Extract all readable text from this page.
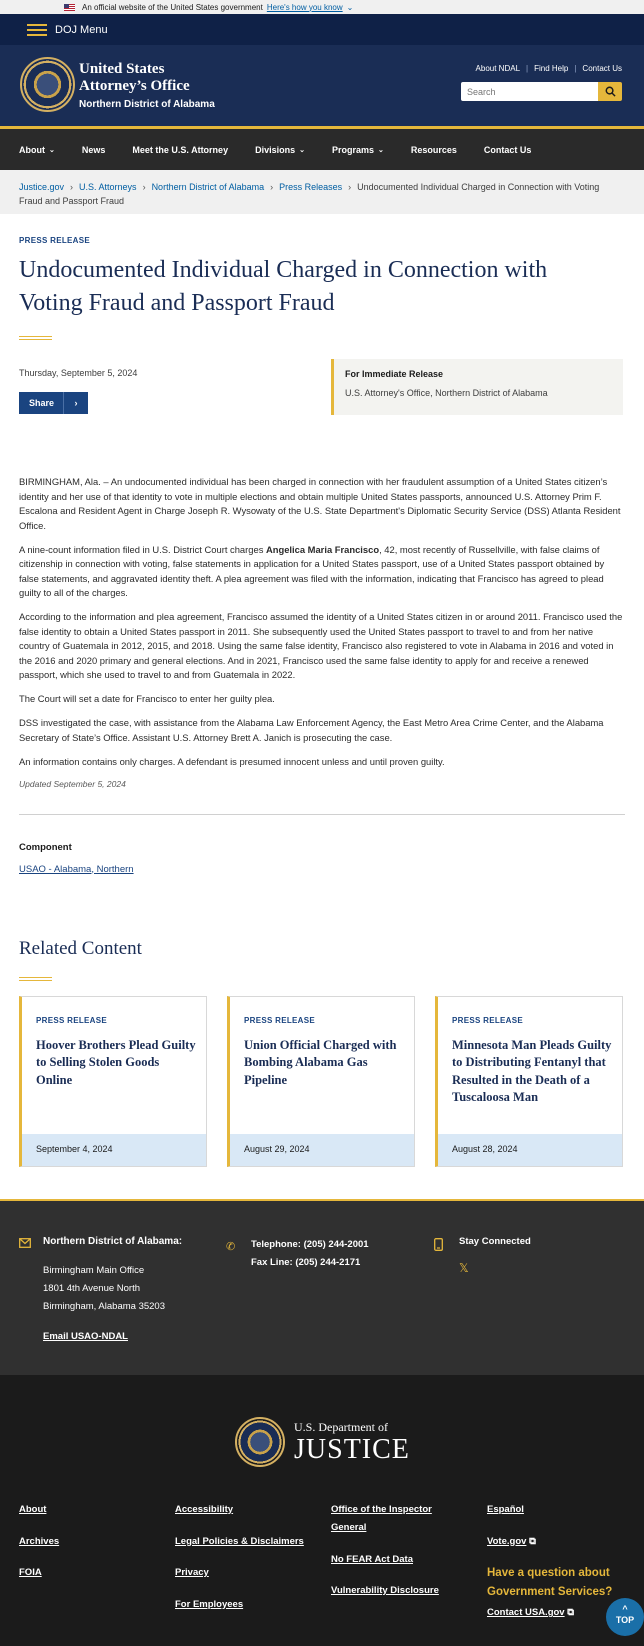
An official website of the United States government Here's how you know ⌄
DOJ Menu
United States
Attorney’s Office
Northern District of Alabama
About NDAL | Find Help | Contact Us
Search
About ⌄	News	Meet the U.S. Attorney	Divisions ⌄	Programs ⌄	Resources	Contact Us
Justice.gov › U.S. Attorneys › Northern District of Alabama › Press Releases › Undocumented Individual Charged in Connection with Voting Fraud and Passport Fraud
PRESS RELEASE
Undocumented Individual Charged in Connection with Voting Fraud and Passport Fraud
Thursday, September 5, 2024
Share	›
For Immediate Release
U.S. Attorney's Office, Northern District of Alabama

BIRMINGHAM, Ala. – An undocumented individual has been charged in connection with her fraudulent assumption of a United States citizen’s identity and her use of that identity to vote in multiple elections and obtain multiple United States passports, announced U.S. Attorney Prim F. Escalona and Resident Agent in Charge Joseph R. Wysowaty of the U.S. State Department's Diplomatic Security Service (DSS) Atlanta Resident Office.

A nine-count information filed in U.S. District Court charges Angelica Maria Francisco, 42, most recently of Russellville, with false claims of citizenship in connection with voting, false statements in application for a United States passport, use of a United States passport obtained by false statements, and aggravated identity theft. A plea agreement was filed with the information, indicating that Francisco has agreed to plead guilty to all of the charges.

According to the information and plea agreement, Francisco assumed the identity of a United States citizen in or around 2011. Francisco used the false identity to obtain a United States passport in 2011. She subsequently used the United States passport to travel to and from her native country of Guatemala in 2012, 2015, and 2018. Using the same false identity, Francisco also registered to vote in Alabama in 2016 and voted in the 2016 and 2020 primary and general elections. And in 2021, Francisco used the same false identity to apply for and receive a renewed passport, which she used to travel to and from Guatemala in 2022.

The Court will set a date for Francisco to enter her guilty plea.

DSS investigated the case, with assistance from the Alabama Law Enforcement Agency, the East Metro Area Crime Center, and the Alabama Secretary of State’s Office. Assistant U.S. Attorney Brett A. Janich is prosecuting the case.

An information contains only charges. A defendant is presumed innocent unless and until proven guilty.

Updated September 5, 2024
Component
USAO - Alabama, Northern
Related Content
PRESS RELEASE
Hoover Brothers Plead Guilty to Selling Stolen Goods Online
September 4, 2024
PRESS RELEASE
Union Official Charged with Bombing Alabama Gas Pipeline
August 29, 2024
PRESS RELEASE
Minnesota Man Pleads Guilty to Distributing Fentanyl that Resulted in the Death of a Tuscaloosa Man
August 28, 2024
Northern District of Alabama:
Birmingham Main Office
1801 4th Avenue North
Birmingham, Alabama 35203
Email USAO-NDAL
✆ Telephone: (205) 244-2001
Fax Line: (205) 244-2171
Stay Connected
𝕏
U.S. Department of
JUSTICE
About
Archives
FOIA
Accessibility
Legal Policies & Disclaimers
Privacy
For Employees
Office of the Inspector General
No FEAR Act Data
Vulnerability Disclosure
Español
Vote.gov ⧉
Have a question about Government Services?
Contact USA.gov ⧉	^
TOP
